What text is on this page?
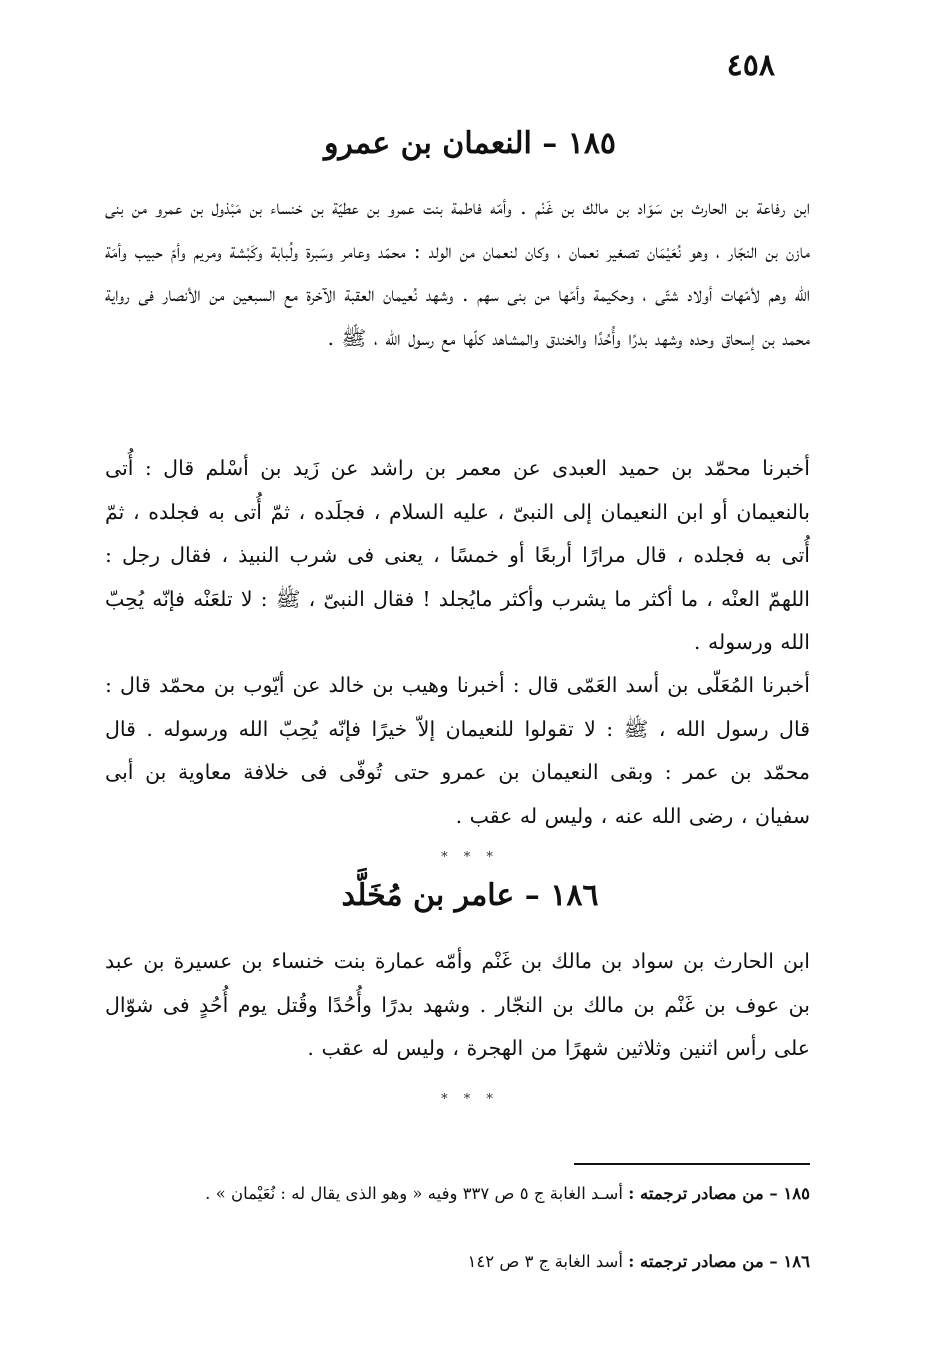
٤٥٨
١٨٥ – النعمان بن عمرو
ابن رفاعة بن الحارث بن سَوَاد بن مالك بن غَنْم . وأمّه فاطمة بنت عمرو بن عطيّة بن خنساء بن مَبْذول بن عمرو من بنى مازن بن النجّار ، وهو نُعَيْمَان تصغير نعمان ، وكان لنعمان من الولد : محمّد وعامر وسَبرة ولُبابة وكَبْشة ومريم وأمّ حبيب وأمَة الله وهم لأمّهات أولاد شتّى ، وحكيمة وأمّها من بنى سهم . وشهد نُعيمان العقبة الآخرة مع السبعين من الأنصار فى رواية محمد بن إسحاق وحده وشهد بدرًا وأُحُدًا والخندق والمشاهد كلّها مع رسول الله ، ﷺ .
أخبرنا محمّد بن حميد العبدى عن معمر بن راشد عن زَيد بن أسْلم قال : أُتى بالنعيمان أو ابن النعيمان إلى النبىّ ، عليه السلام ، فجلَده ، ثمّ أُتى به فجلده ، ثمّ أُتى به فجلده ، قال مرارًا أربعًا أو خمسًا ، يعنى فى شرب النبيذ ، فقال رجل : اللهمّ العنْه ، ما أكثر ما يشرب وأكثر مايُجلد ! فقال النبىّ ، ﷺ : لا تلعَنْه فإنّه يُحِبّ الله ورسوله .
أخبرنا المُعَلّى بن أسد العَمّى قال : أخبرنا وهيب بن خالد عن أيّوب بن محمّد قال : قال رسول الله ، ﷺ : لا تقولوا للنعيمان إلاّ خيرًا فإنّه يُحِبّ الله ورسوله . قال محمّد بن عمر : وبقى النعيمان بن عمرو حتى تُوفّى فى خلافة معاوية بن أبى سفيان ، رضى الله عنه ، وليس له عقب .
* * *
١٨٦ – عامر بن مُخَلَّد
ابن الحارث بن سواد بن مالك بن غَنْم وأمّه عمارة بنت خنساء بن عسيرة بن عبد بن عوف بن غَنْم بن مالك بن النجّار . وشهد بدرًا وأُحُدًا وقُتل يوم أُحُدٍ فى شوّال على رأس اثنين وثلاثين شهرًا من الهجرة ، وليس له عقب .
* * *
١٨٥ – من مصادر ترجمته : أسـد الغابة ج ٥ ص ٣٣٧ وفيه « وهو الذى يقال له : نُعَيْمان » .
١٨٦ – من مصادر ترجمته : أسد الغابة ج ٣ ص ١٤٢
